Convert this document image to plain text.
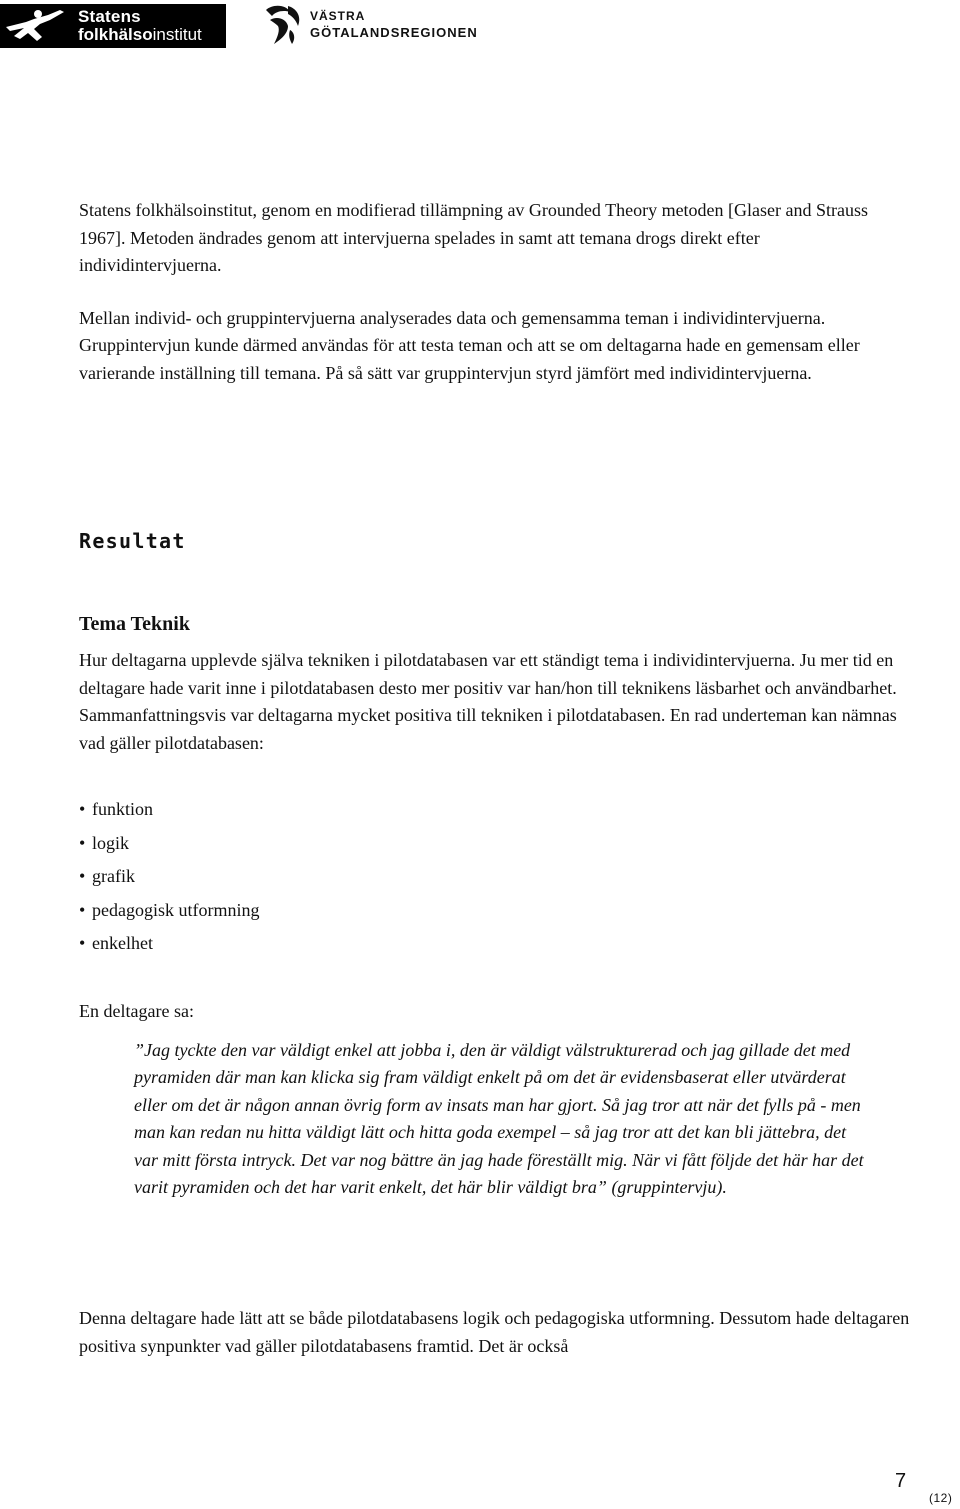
Statens
folkhälsoinstitut
VÄSTRA
GÖTALANDSREGIONEN

Statens folkhälsoinstitut, genom en modifierad tillämpning av Grounded Theory metoden [Glaser and Strauss 1967]. Metoden ändrades genom att intervjuerna spelades in samt att temana drogs direkt efter individintervjuerna.

Mellan individ- och gruppintervjuerna analyserades data och gemensamma teman i individintervjuerna. Gruppintervjun kunde därmed användas för att testa teman och att se om deltagarna hade en gemensam eller varierande inställning till temana. På så sätt var gruppintervjun styrd jämfört med individintervjuerna.

Resultat
Tema Teknik

Hur deltagarna upplevde själva tekniken i pilotdatabasen var ett ständigt tema i individintervjuerna. Ju mer tid en deltagare hade varit inne i pilotdatabasen desto mer positiv var han/hon till teknikens läsbarhet och användbarhet. Sammanfattningsvis var deltagarna mycket positiva till tekniken i pilotdatabasen. En rad underteman kan nämnas vad gäller pilotdatabasen:

• funktion
• logik
• grafik
• pedagogisk utformning
• enkelhet
En deltagare sa:
”Jag tyckte den var väldigt enkel att jobba i, den är väldigt välstrukturerad och jag gillade det med pyramiden där man kan klicka sig fram väldigt enkelt på om det är evidensbaserat eller utvärderat eller om det är någon annan övrig form av insats man har gjort. Så jag tror att när det fylls på - men man kan redan nu hitta väldigt lätt och hitta goda exempel – så jag tror att det kan bli jättebra, det var mitt första intryck. Det var nog bättre än jag hade föreställt mig. När vi fått följde det här har det varit pyramiden och det har varit enkelt, det här blir väldigt bra” (gruppintervju).

Denna deltagare hade lätt att se både pilotdatabasens logik och pedagogiska utformning. Dessutom hade deltagaren positiva synpunkter vad gäller pilotdatabasens framtid. Det är också

7
(12)
